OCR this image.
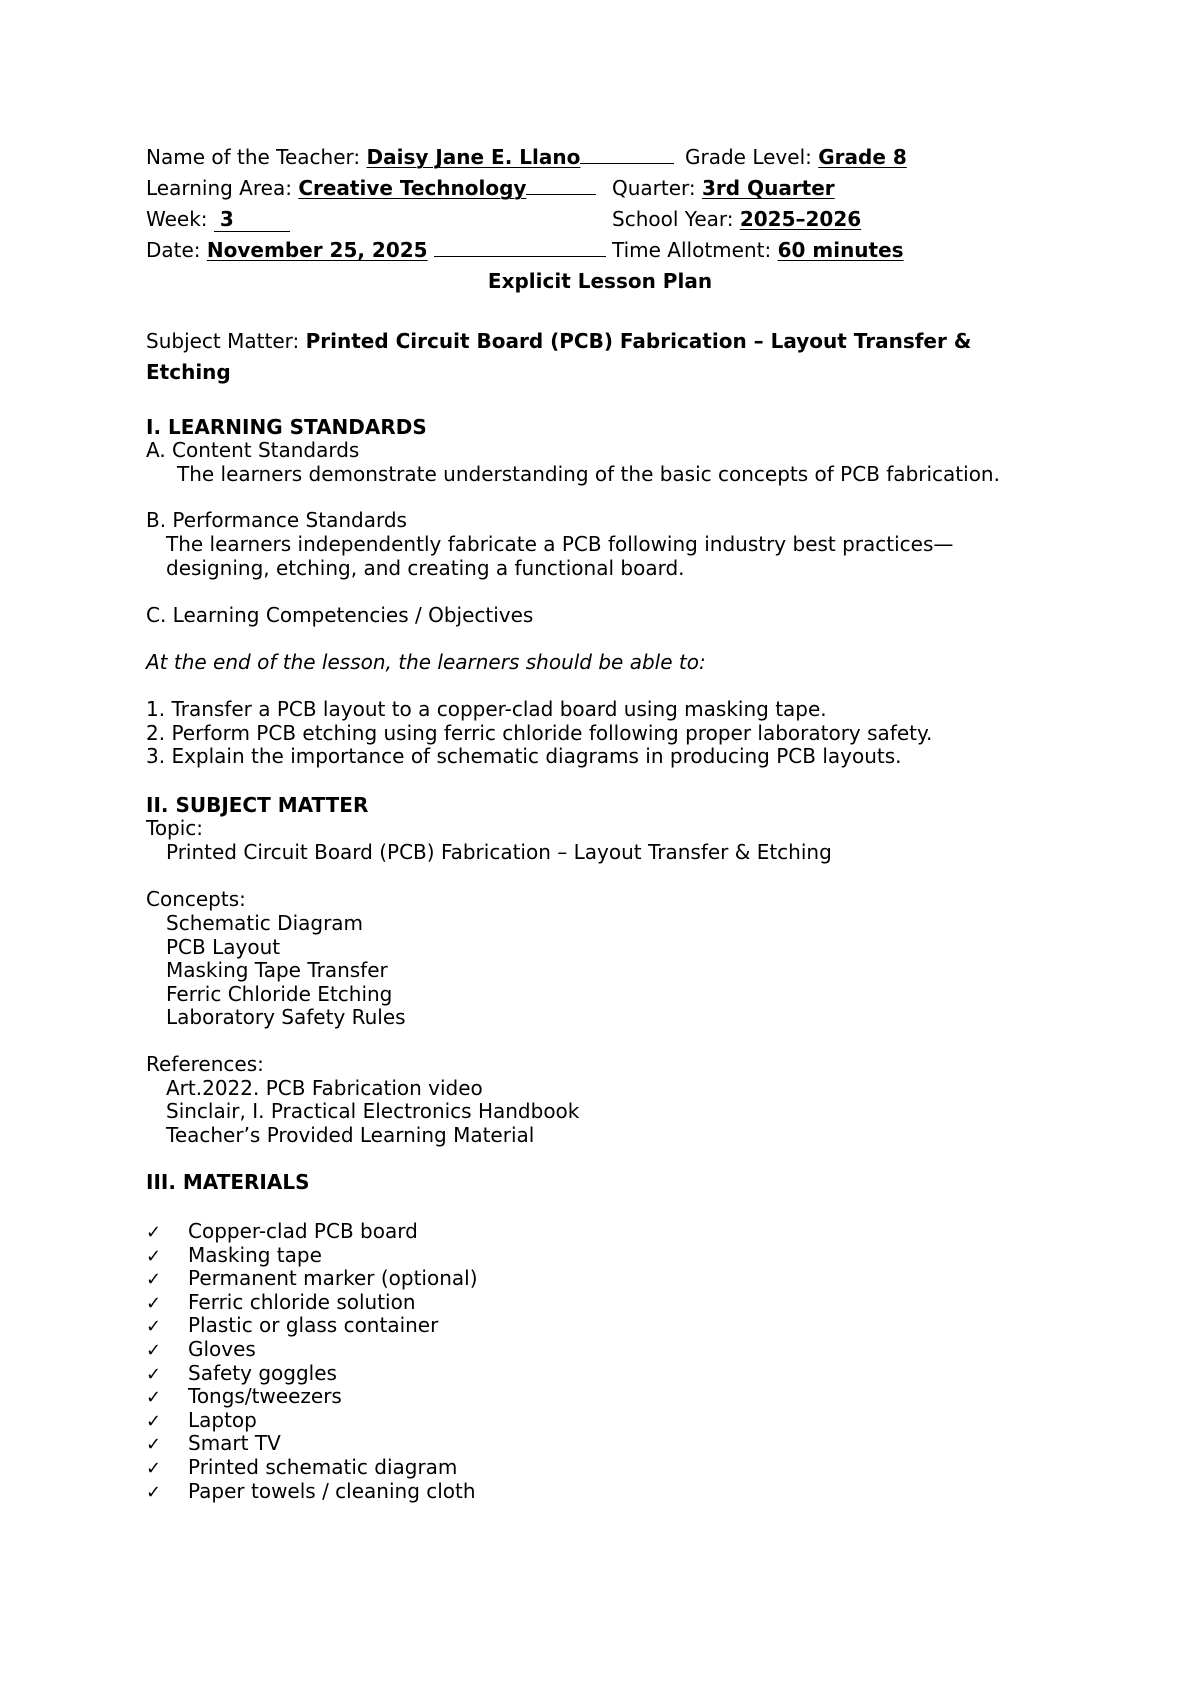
Name of the Teacher: Daisy Jane E. Llano	Grade Level: Grade 8
Learning Area: Creative Technology	Quarter: 3rd Quarter
Week: 3	School Year: 2025–2026
Date: November 25, 2025	Time Allotment: 60 minutes
Explicit Lesson Plan
Subject Matter: Printed Circuit Board (PCB) Fabrication – Layout Transfer &
Etching
I. LEARNING STANDARDS
A. Content Standards
The learners demonstrate understanding of the basic concepts of PCB fabrication.
B. Performance Standards
The learners independently fabricate a PCB following industry best practices—
designing, etching, and creating a functional board.
C. Learning Competencies / Objectives
At the end of the lesson, the learners should be able to:
1. Transfer a PCB layout to a copper-clad board using masking tape.
2. Perform PCB etching using ferric chloride following proper laboratory safety.
3. Explain the importance of schematic diagrams in producing PCB layouts.
II. SUBJECT MATTER
Topic:
Printed Circuit Board (PCB) Fabrication – Layout Transfer & Etching
Concepts:
Schematic Diagram
PCB Layout
Masking Tape Transfer
Ferric Chloride Etching
Laboratory Safety Rules
References:
Art.2022. PCB Fabrication video
Sinclair, I. Practical Electronics Handbook
Teacher’s Provided Learning Material
III. MATERIALS
✓ Copper-clad PCB board
✓ Masking tape
✓ Permanent marker (optional)
✓ Ferric chloride solution
✓ Plastic or glass container
✓ Gloves
✓ Safety goggles
✓ Tongs/tweezers
✓ Laptop
✓ Smart TV
✓ Printed schematic diagram
✓ Paper towels / cleaning cloth
